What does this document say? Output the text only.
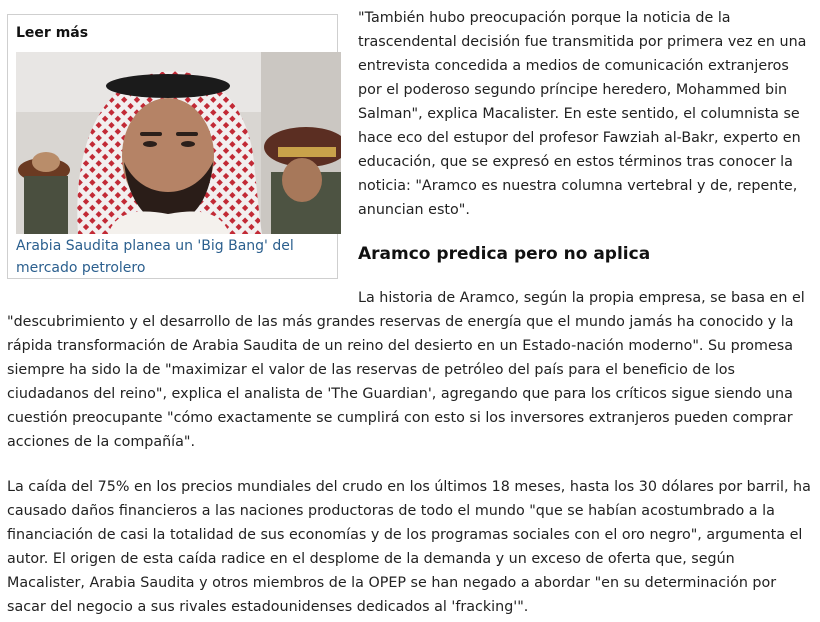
Leer más
Arabia Saudita planea un 'Big Bang' del mercado petrolero
"También hubo preocupación porque la noticia de la trascendental decisión fue transmitida por primera vez en una entrevista concedida a medios de comunicación extranjeros por el poderoso segundo príncipe heredero, Mohammed bin Salman", explica Macalister. En este sentido, el columnista se hace eco del estupor del profesor Fawziah al-Bakr, experto en educación, que se expresó en estos términos tras conocer la noticia: "Aramco es nuestra columna vertebral y de, repente, anuncian esto".
Aramco predica pero no aplica
La historia de Aramco, según la propia empresa, se basa en el "descubrimiento y el desarrollo de las más grandes reservas de energía que el mundo jamás ha conocido y la rápida transformación de Arabia Saudita de un reino del desierto en un Estado-nación moderno". Su promesa siempre ha sido la de "maximizar el valor de las reservas de petróleo del país para el beneficio de los ciudadanos del reino", explica el analista de 'The Guardian', agregando que para los críticos sigue siendo una cuestión preocupante "cómo exactamente se cumplirá con esto si los inversores extranjeros pueden comprar acciones de la compañía".
La caída del 75% en los precios mundiales del crudo en los últimos 18 meses, hasta los 30 dólares por barril, ha causado daños financieros a las naciones productoras de todo el mundo "que se habían acostumbrado a la financiación de casi la totalidad de sus economías y de los programas sociales con el oro negro", argumenta el autor. El origen de esta caída radice en el desplome de la demanda y un exceso de oferta que, según Macalister, Arabia Saudita y otros miembros de la OPEP se han negado a abordar "en su determinación por sacar del negocio a sus rivales estadounidenses dedicados al 'fracking'".
